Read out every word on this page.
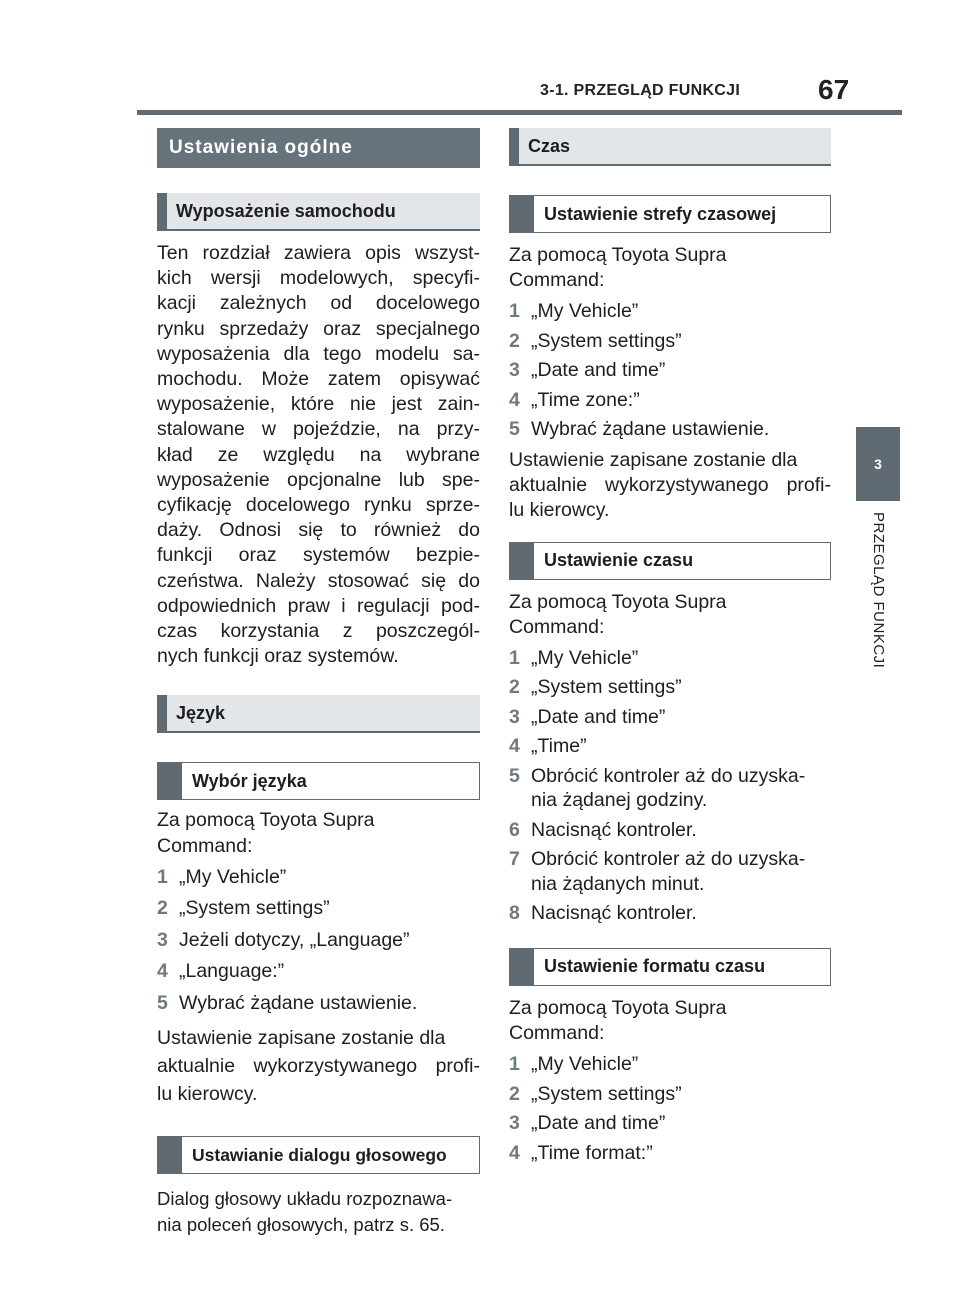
3-1. PRZEGLĄD FUNKCJI	67
3
PRZEGLĄD FUNKCJI
Ustawienia ogólne
Wyposażenie samochodu

Ten rozdział zawiera opis wszyst-
kich wersji modelowych, specyfi-
kacji zależnych od docelowego
rynku sprzedaży oraz specjalnego
wyposażenia dla tego modelu sa-
mochodu. Może zatem opisywać
wyposażenie, które nie jest zain-
stalowane w pojeździe, na przy-
kład ze względu na wybrane
wyposażenie opcjonalne lub spe-
cyfikację docelowego rynku sprze-
daży. Odnosi się to również do
funkcji oraz systemów bezpie-
czeństwa. Należy stosować się do
odpowiednich praw i regulacji pod-
czas korzystania z poszczegól-
nych funkcji oraz systemów.

Język
Wybór języka

Za pomocą Toyota Supra
Command:

1 „My Vehicle”
2 „System settings”
3 Jeżeli dotyczy, „Language”
4 „Language:”
5 Wybrać żądane ustawienie.

Ustawienie zapisane zostanie dla
aktualnie wykorzystywanego profi-
lu kierowcy.

Ustawianie dialogu głosowego

Dialog głosowy układu rozpoznawa-
nia poleceń głosowych, patrz s. 65.

Czas
Ustawienie strefy czasowej

Za pomocą Toyota Supra
Command:

1 „My Vehicle”
2 „System settings”
3 „Date and time”
4 „Time zone:”
5 Wybrać żądane ustawienie.

Ustawienie zapisane zostanie dla
aktualnie wykorzystywanego profi-
lu kierowcy.

Ustawienie czasu

Za pomocą Toyota Supra
Command:

1 „My Vehicle”
2 „System settings”
3 „Date and time”
4 „Time”
5 Obrócić kontroler aż do uzyska-
nia żądanej godziny.
6 Nacisnąć kontroler.
7 Obrócić kontroler aż do uzyska-
nia żądanych minut.
8 Nacisnąć kontroler.
Ustawienie formatu czasu

Za pomocą Toyota Supra
Command:

1 „My Vehicle”
2 „System settings”
3 „Date and time”
4 „Time format:”
